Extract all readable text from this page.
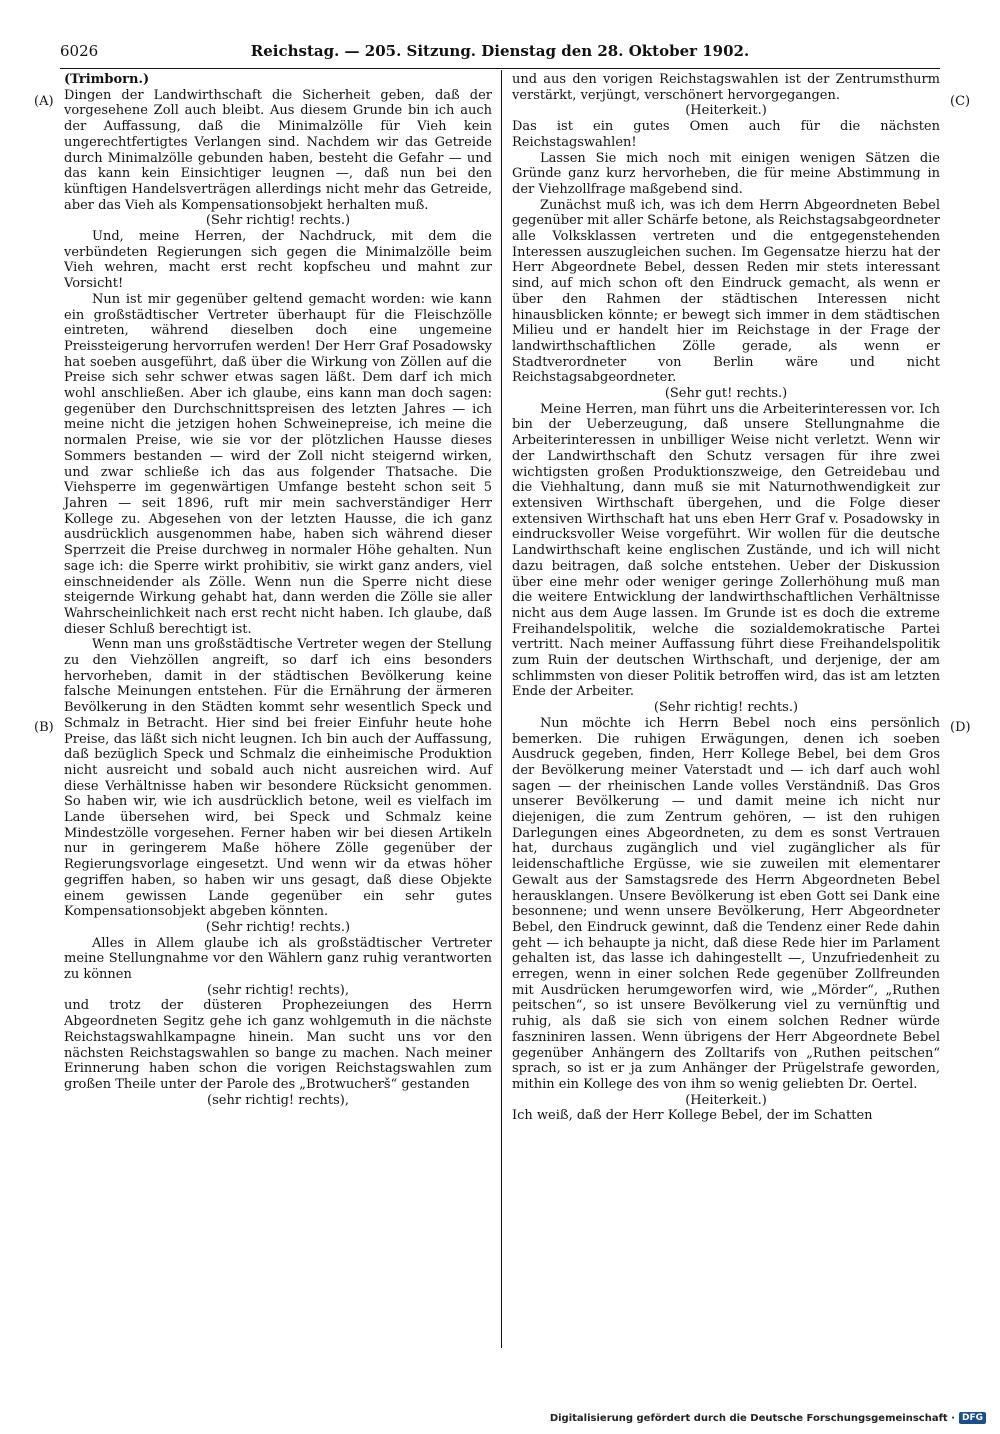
6026	Reichstag. — 205. Sitzung. Dienstag den 28. Oktober 1902.
(A)
(B)
(C)
(D)

(Trimborn.)

Dingen der Landwirthschaft die Sicherheit geben, daß der vorgesehene Zoll auch bleibt. Aus diesem Grunde bin ich auch der Auffassung, daß die Minimalzölle für Vieh kein ungerechtfertigtes Verlangen sind. Nachdem wir das Getreide durch Minimalzölle gebunden haben, besteht die Gefahr — und das kann kein Einsichtiger leugnen —, daß nun bei den künftigen Handelsverträgen allerdings nicht mehr das Getreide, aber das Vieh als Kompensationsobjekt herhalten muß.

(Sehr richtig! rechts.)

Und, meine Herren, der Nachdruck, mit dem die verbündeten Regierungen sich gegen die Minimalzölle beim Vieh wehren, macht erst recht kopfscheu und mahnt zur Vorsicht!

Nun ist mir gegenüber geltend gemacht worden: wie kann ein großstädtischer Vertreter überhaupt für die Fleischzölle eintreten, während dieselben doch eine ungemeine Preissteigerung hervorrufen werden! Der Herr Graf Posadowsky hat soeben ausgeführt, daß über die Wirkung von Zöllen auf die Preise sich sehr schwer etwas sagen läßt. Dem darf ich mich wohl anschließen. Aber ich glaube, eins kann man doch sagen: gegenüber den Durchschnittspreisen des letzten Jahres — ich meine nicht die jetzigen hohen Schweinepreise, ich meine die normalen Preise, wie sie vor der plötzlichen Hausse dieses Sommers bestanden — wird der Zoll nicht steigernd wirken, und zwar schließe ich das aus folgender Thatsache. Die Viehsperre im gegenwärtigen Umfange besteht schon seit 5 Jahren — seit 1896, ruft mir mein sachverständiger Herr Kollege zu. Abgesehen von der letzten Hausse, die ich ganz ausdrücklich ausgenommen habe, haben sich während dieser Sperrzeit die Preise durchweg in normaler Höhe gehalten. Nun sage ich: die Sperre wirkt prohibitiv, sie wirkt ganz anders, viel einschneidender als Zölle. Wenn nun die Sperre nicht diese steigernde Wirkung gehabt hat, dann werden die Zölle sie aller Wahrscheinlichkeit nach erst recht nicht haben. Ich glaube, daß dieser Schluß berechtigt ist.

Wenn man uns großstädtische Vertreter wegen der Stellung zu den Viehzöllen angreift, so darf ich eins besonders hervorheben, damit in der städtischen Bevölkerung keine falsche Meinungen entstehen. Für die Ernährung der ärmeren Bevölkerung in den Städten kommt sehr wesentlich Speck und Schmalz in Betracht. Hier sind bei freier Einfuhr heute hohe Preise, das läßt sich nicht leugnen. Ich bin auch der Auffassung, daß bezüglich Speck und Schmalz die einheimische Produktion nicht ausreicht und sobald auch nicht ausreichen wird. Auf diese Verhältnisse haben wir besondere Rücksicht genommen. So haben wir, wie ich ausdrücklich betone, weil es vielfach im Lande übersehen wird, bei Speck und Schmalz keine Mindestzölle vorgesehen. Ferner haben wir bei diesen Artikeln nur in geringerem Maße höhere Zölle gegenüber der Regierungsvorlage eingesetzt. Und wenn wir da etwas höher gegriffen haben, so haben wir uns gesagt, daß diese Objekte einem gewissen Lande gegenüber ein sehr gutes Kompensationsobjekt abgeben könnten.

(Sehr richtig! rechts.)

Alles in Allem glaube ich als großstädtischer Vertreter meine Stellungnahme vor den Wählern ganz ruhig verantworten zu können

(sehr richtig! rechts),

und trotz der düsteren Prophezeiungen des Herrn Abgeordneten Segitz gehe ich ganz wohlgemuth in die nächste Reichstagswahlkampagne hinein. Man sucht uns vor den nächsten Reichstagswahlen so bange zu machen. Nach meiner Erinnerung haben schon die vorigen Reichstagswahlen zum großen Theile unter der Parole des „Brotwucherš“ gestanden

(sehr richtig! rechts),

und aus den vorigen Reichstagswahlen ist der Zentrumsthurm verstärkt, verjüngt, verschönert hervorgegangen.

(Heiterkeit.)

Das ist ein gutes Omen auch für die nächsten Reichstagswahlen!

Lassen Sie mich noch mit einigen wenigen Sätzen die Gründe ganz kurz hervorheben, die für meine Abstimmung in der Viehzollfrage maßgebend sind.

Zunächst muß ich, was ich dem Herrn Abgeordneten Bebel gegenüber mit aller Schärfe betone, als Reichstagsabgeordneter alle Volksklassen vertreten und die entgegenstehenden Interessen auszugleichen suchen. Im Gegensatze hierzu hat der Herr Abgeordnete Bebel, dessen Reden mir stets interessant sind, auf mich schon oft den Eindruck gemacht, als wenn er über den Rahmen der städtischen Interessen nicht hinausblicken könnte; er bewegt sich immer in dem städtischen Milieu und er handelt hier im Reichstage in der Frage der landwirthschaftlichen Zölle gerade, als wenn er Stadtverordneter von Berlin wäre und nicht Reichstagsabgeordneter.

(Sehr gut! rechts.)

Meine Herren, man führt uns die Arbeiterinteressen vor. Ich bin der Ueberzeugung, daß unsere Stellungnahme die Arbeiterinteressen in unbilliger Weise nicht verletzt. Wenn wir der Landwirthschaft den Schutz versagen für ihre zwei wichtigsten großen Produktionszweige, den Getreidebau und die Viehhaltung, dann muß sie mit Naturnothwendigkeit zur extensiven Wirthschaft übergehen, und die Folge dieser extensiven Wirthschaft hat uns eben Herr Graf v. Posadowsky in eindrucksvoller Weise vorgeführt. Wir wollen für die deutsche Landwirthschaft keine englischen Zustände, und ich will nicht dazu beitragen, daß solche entstehen. Ueber der Diskussion über eine mehr oder weniger geringe Zollerhöhung muß man die weitere Entwicklung der landwirthschaftlichen Verhältnisse nicht aus dem Auge lassen. Im Grunde ist es doch die extreme Freihandelspolitik, welche die sozialdemokratische Partei vertritt. Nach meiner Auffassung führt diese Freihandelspolitik zum Ruin der deutschen Wirthschaft, und derjenige, der am schlimmsten von dieser Politik betroffen wird, das ist am letzten Ende der Arbeiter.

(Sehr richtig! rechts.)

Nun möchte ich Herrn Bebel noch eins persönlich bemerken. Die ruhigen Erwägungen, denen ich soeben Ausdruck gegeben, finden, Herr Kollege Bebel, bei dem Gros der Bevölkerung meiner Vaterstadt und — ich darf auch wohl sagen — der rheinischen Lande volles Verständniß. Das Gros unserer Bevölkerung — und damit meine ich nicht nur diejenigen, die zum Zentrum gehören, — ist den ruhigen Darlegungen eines Abgeordneten, zu dem es sonst Vertrauen hat, durchaus zugänglich und viel zugänglicher als für leidenschaftliche Ergüsse, wie sie zuweilen mit elementarer Gewalt aus der Samstagsrede des Herrn Abgeordneten Bebel herausklangen. Unsere Bevölkerung ist eben Gott sei Dank eine besonnene; und wenn unsere Bevölkerung, Herr Abgeordneter Bebel, den Eindruck gewinnt, daß die Tendenz einer Rede dahin geht — ich behaupte ja nicht, daß diese Rede hier im Parlament gehalten ist, das lasse ich dahingestellt —, Unzufriedenheit zu erregen, wenn in einer solchen Rede gegenüber Zollfreunden mit Ausdrücken herumgeworfen wird, wie „Mörder“, „Ruthen peitschen“, so ist unsere Bevölkerung viel zu vernünftig und ruhig, als daß sie sich von einem solchen Redner würde faszniniren lassen. Wenn übrigens der Herr Abgeordnete Bebel gegenüber Anhängern des Zolltarifs von „Ruthen peitschen“ sprach, so ist er ja zum Anhänger der Prügelstrafe geworden, mithin ein Kollege des von ihm so wenig geliebten Dr. Oertel.

(Heiterkeit.)

Ich weiß, daß der Herr Kollege Bebel, der im Schatten

Digitalisierung gefördert durch die Deutsche Forschungsgemeinschaft · DFG
